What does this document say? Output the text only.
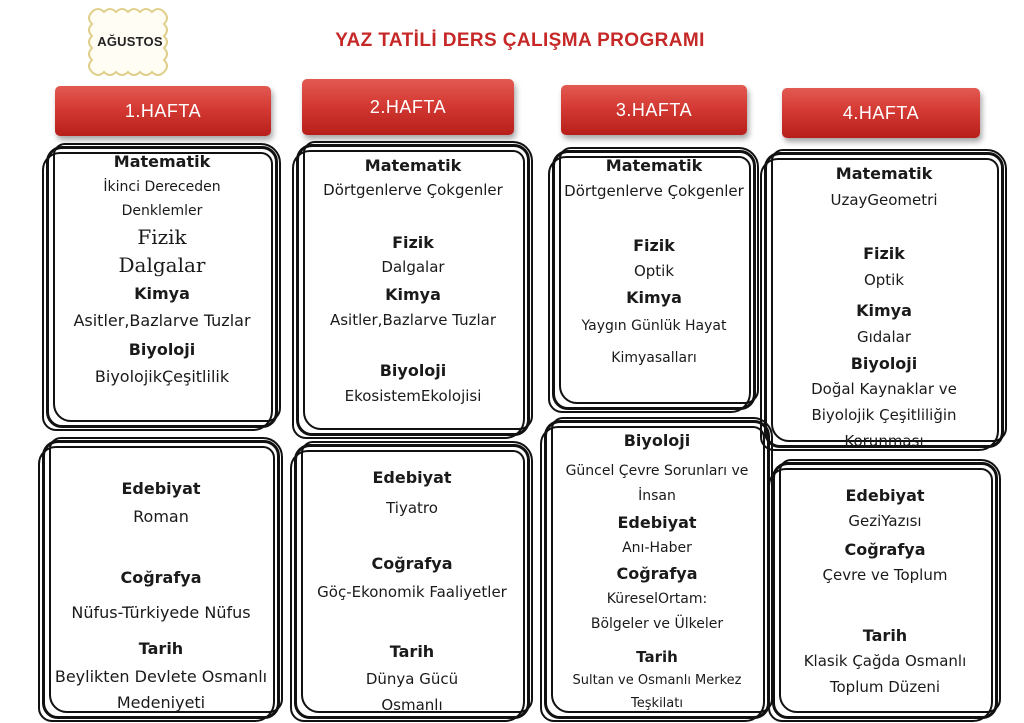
AĞUSTOS	YAZ TATİLİ DERS ÇALIŞMA PROGRAMI
1.HAFTA	2.HAFTA	3.HAFTA	4.HAFTA
Matematik
İkinci Dereceden
Denklemler
Fizik
Dalgalar
Kimya
Asitler,Bazlarve Tuzlar
Biyoloji
BiyolojikÇeşitlilik
Edebiyat
Roman
Coğrafya
Nüfus-Türkiyede Nüfus
Tarih
Beylikten Devlete Osmanlı
Medeniyeti
Matematik
Dörtgenlerve Çokgenler
Fizik
Dalgalar
Kimya
Asitler,Bazlarve Tuzlar
Biyoloji
EkosistemEkolojisi
Edebiyat
Tiyatro
Coğrafya
Göç-Ekonomik Faaliyetler
Tarih
Dünya Gücü
Osmanlı
Matematik
Dörtgenlerve Çokgenler
Fizik
Optik
Kimya
Yaygın Günlük Hayat
Kimyasalları
Biyoloji
Güncel Çevre Sorunları ve
İnsan
Edebiyat
Anı-Haber
Coğrafya
KüreselOrtam:
Bölgeler ve Ülkeler
Tarih
Sultan ve Osmanlı Merkez
Teşkilatı
Matematik
UzayGeometri
Fizik
Optik
Kimya
Gıdalar
Biyoloji
Doğal Kaynaklar ve
Biyolojik Çeşitliliğin
Korunması
Edebiyat
GeziYazısı
Coğrafya
Çevre ve Toplum
Tarih
Klasik Çağda Osmanlı
Toplum Düzeni
